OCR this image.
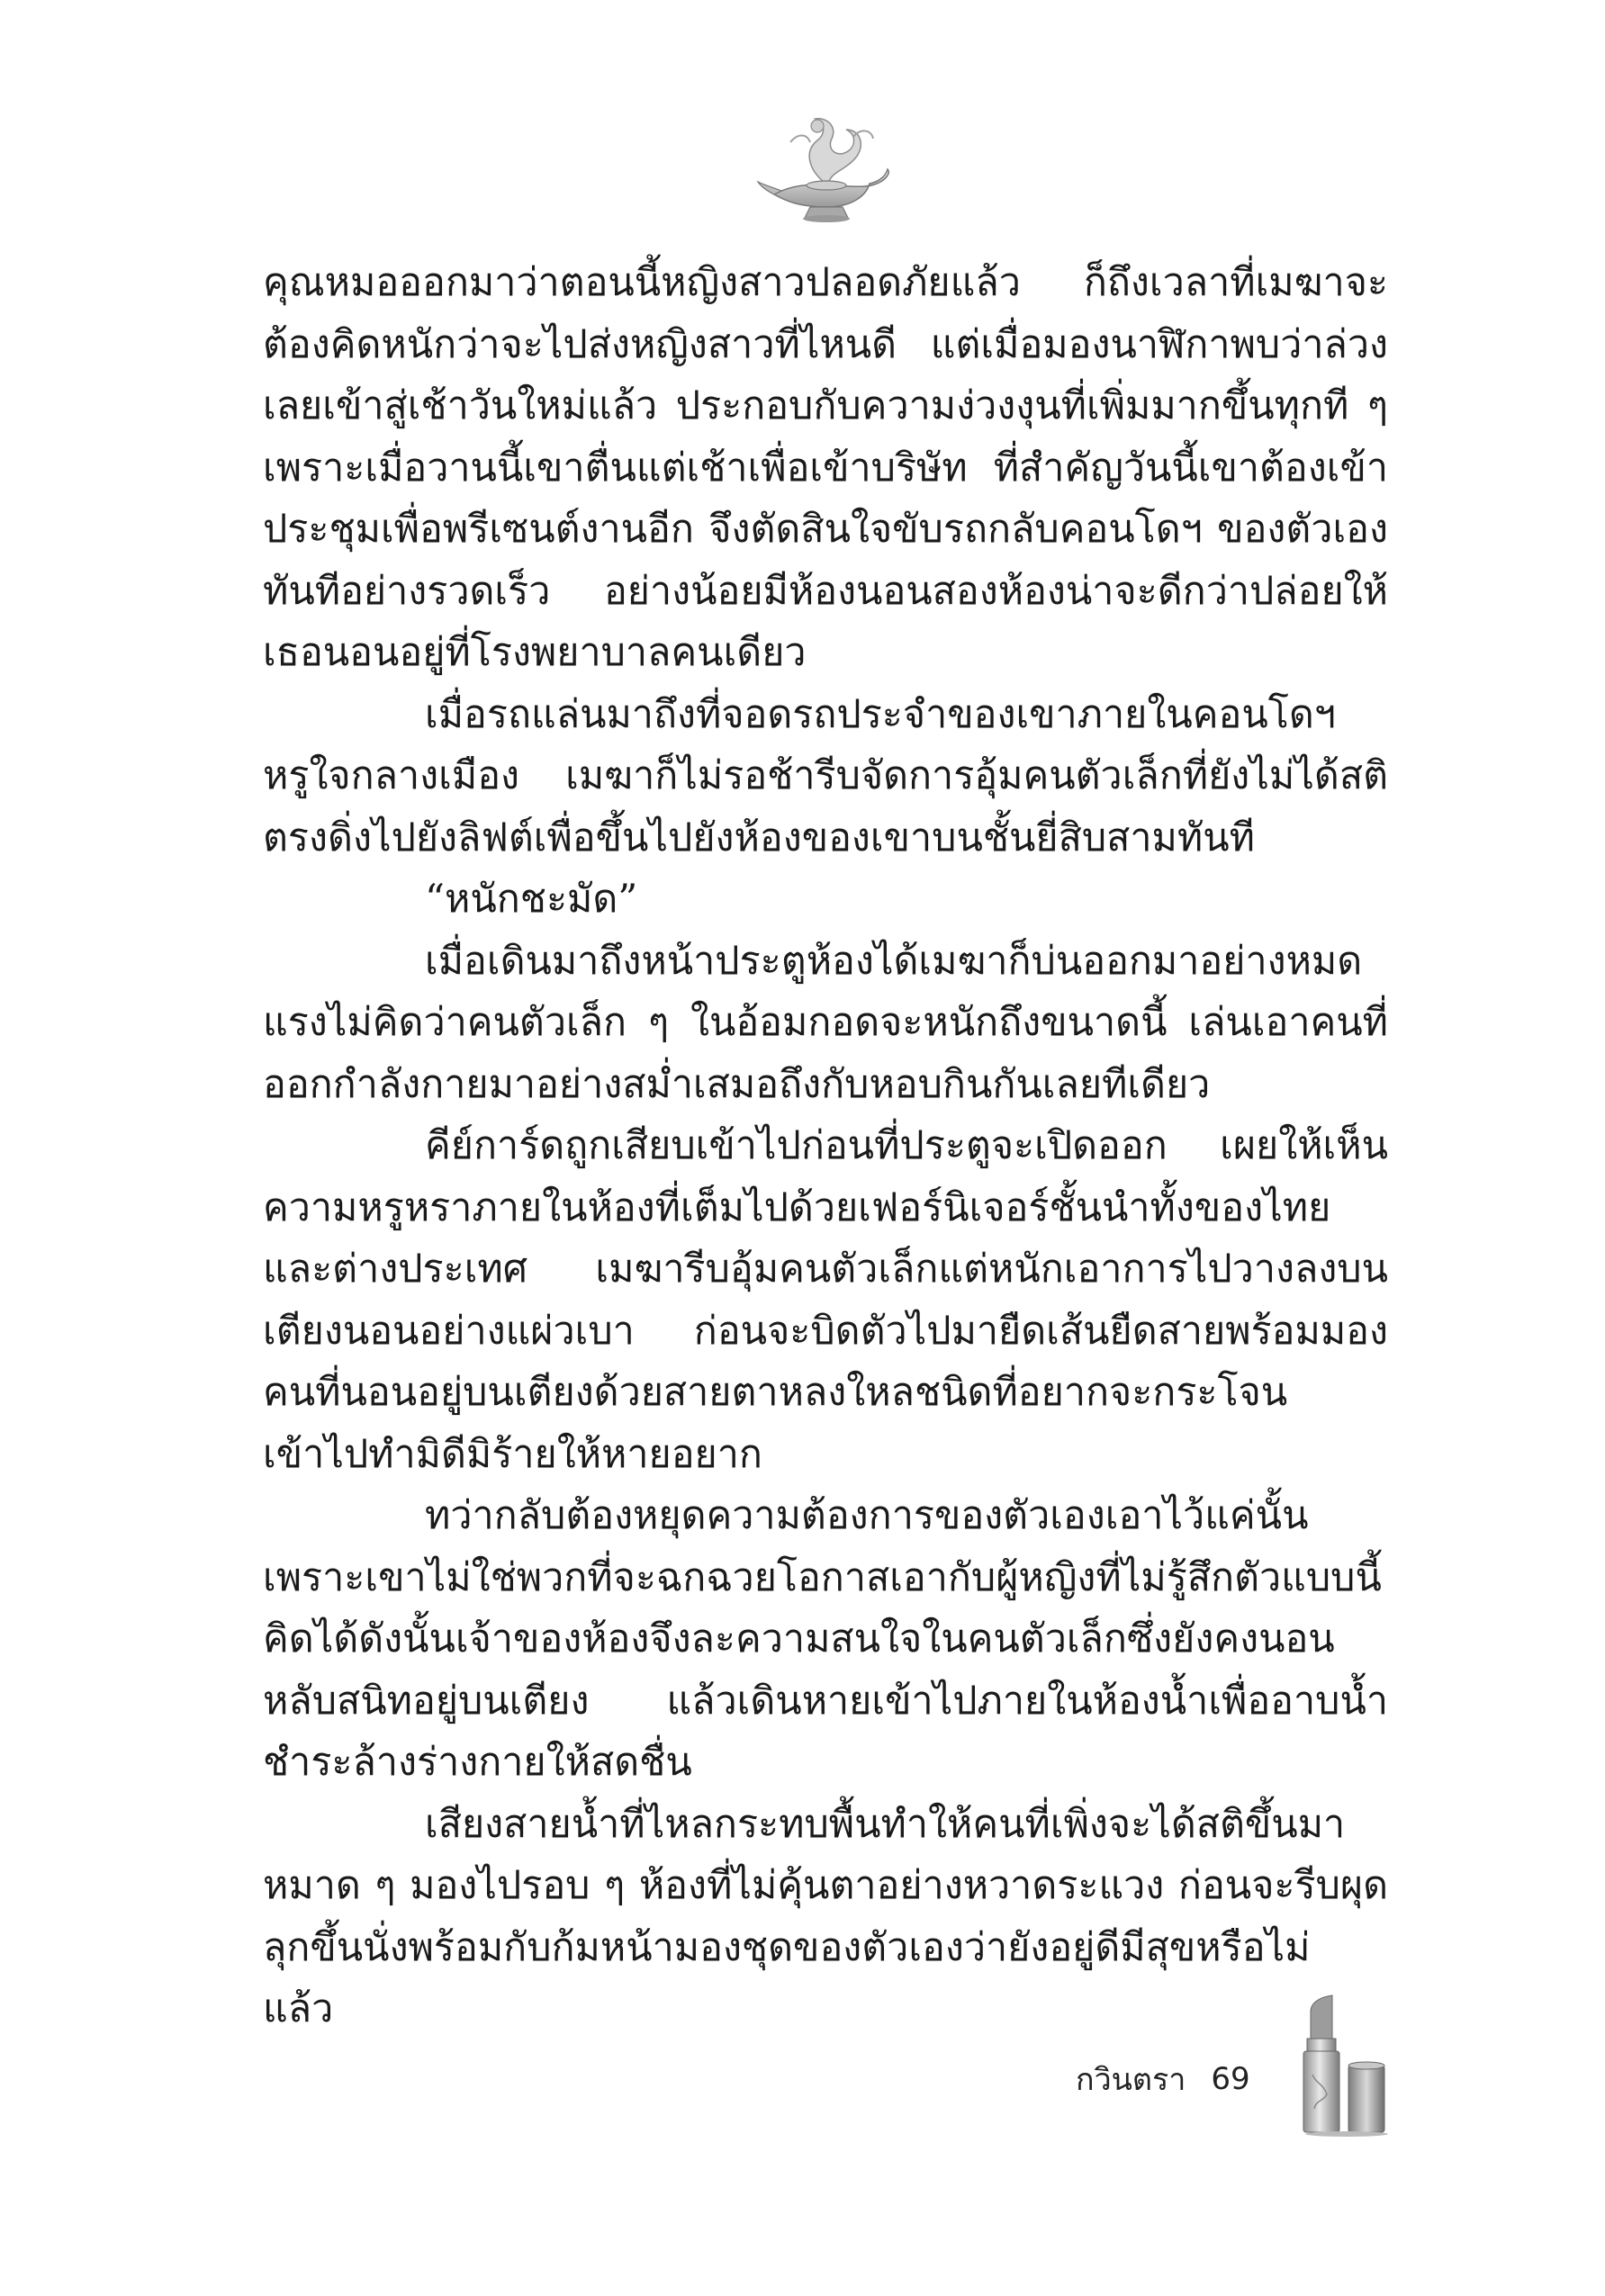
คุณหมอออกมาว่าตอนนี้หญิงสาวปลอดภัยแล้ว ก็ถึงเวลาที่เมฆาจะต้องคิดหนักว่าจะไปส่งหญิงสาวที่ไหนดี แต่เมื่อมองนาฬิกาพบว่าล่วงเลยเข้าสู่เช้าวันใหม่แล้ว ประกอบกับความง่วงงุนที่เพิ่มมากขึ้นทุกที ๆ เพราะเมื่อวานนี้เขาตื่นแต่เช้าเพื่อเข้าบริษัท ที่สำคัญวันนี้เขาต้องเข้าประชุมเพื่อพรีเซนต์งานอีก จึงตัดสินใจขับรถกลับคอนโดฯ ของตัวเองทันทีอย่างรวดเร็ว อย่างน้อยมีห้องนอนสองห้องน่าจะดีกว่าปล่อยให้เธอนอนอยู่ที่โรงพยาบาลคนเดียว

เมื่อรถแล่นมาถึงที่จอดรถประจำของเขาภายในคอนโดฯ หรูใจกลางเมือง เมฆาก็ไม่รอช้ารีบจัดการอุ้มคนตัวเล็กที่ยังไม่ได้สติตรงดิ่งไปยังลิฟต์เพื่อขึ้นไปยังห้องของเขาบนชั้นยี่สิบสามทันที

“หนักชะมัด”

เมื่อเดินมาถึงหน้าประตูห้องได้เมฆาก็บ่นออกมาอย่างหมดแรงไม่คิดว่าคนตัวเล็ก ๆ ในอ้อมกอดจะหนักถึงขนาดนี้ เล่นเอาคนที่ออกกำลังกายมาอย่างสม่ำเสมอถึงกับหอบกินกันเลยทีเดียว

คีย์การ์ดถูกเสียบเข้าไปก่อนที่ประตูจะเปิดออก เผยให้เห็นความหรูหราภายในห้องที่เต็มไปด้วยเฟอร์นิเจอร์ชั้นนำทั้งของไทยและต่างประเทศ เมฆารีบอุ้มคนตัวเล็กแต่หนักเอาการไปวางลงบนเตียงนอนอย่างแผ่วเบา ก่อนจะบิดตัวไปมายืดเส้นยืดสายพร้อมมองคนที่นอนอยู่บนเตียงด้วยสายตาหลงใหลชนิดที่อยากจะกระโจนเข้าไปทำมิดีมิร้ายให้หายอยาก

ทว่ากลับต้องหยุดความต้องการของตัวเองเอาไว้แค่นั้น เพราะเขาไม่ใช่พวกที่จะฉกฉวยโอกาสเอากับผู้หญิงที่ไม่รู้สึกตัวแบบนี้ คิดได้ดังนั้นเจ้าของห้องจึงละความสนใจในคนตัวเล็กซึ่งยังคงนอนหลับสนิทอยู่บนเตียง แล้วเดินหายเข้าไปภายในห้องน้ำเพื่ออาบน้ำชำระล้างร่างกายให้สดชื่น

เสียงสายน้ำที่ไหลกระทบพื้นทำให้คนที่เพิ่งจะได้สติขึ้นมาหมาด ๆ มองไปรอบ ๆ ห้องที่ไม่คุ้นตาอย่างหวาดระแวง ก่อนจะรีบผุดลุกขึ้นนั่งพร้อมกับก้มหน้ามองชุดของตัวเองว่ายังอยู่ดีมีสุขหรือไม่ แล้ว

กวินตรา 69
